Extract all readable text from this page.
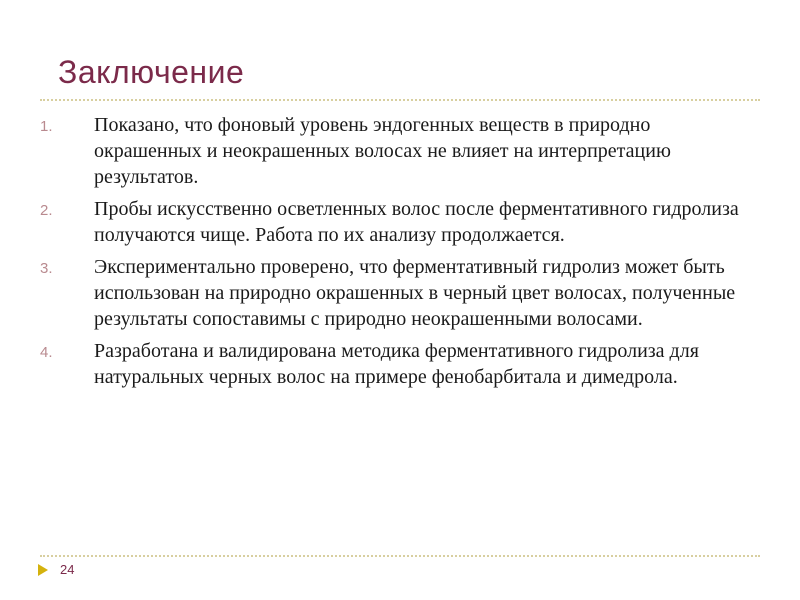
Заключение
1. Показано, что фоновый уровень эндогенных веществ в природно окрашенных и неокрашенных волосах не влияет на интерпретацию результатов.
2. Пробы искусственно осветленных волос после ферментативного гидролиза получаются чище. Работа по их анализу продолжается.
3. Экспериментально проверено, что ферментативный гидролиз может быть использован на природно окрашенных в черный цвет волосах, полученные результаты сопоставимы с природно неокрашенными волосами.
4. Разработана и валидирована методика ферментативного гидролиза для натуральных черных волос на примере фенобарбитала и димедрола.
24
